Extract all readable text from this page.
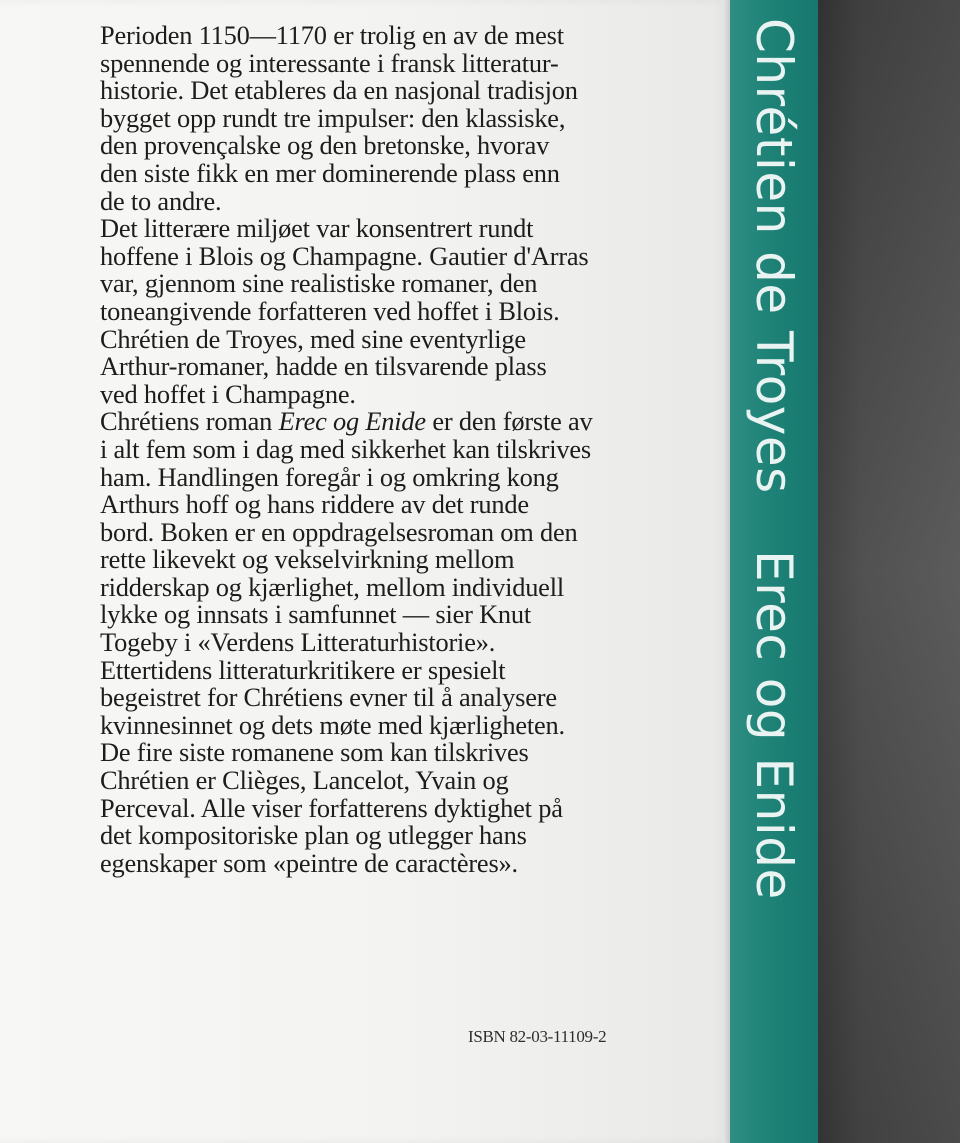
Perioden 1150—1170 er trolig en av de mest
spennende og interessante i fransk litteratur-
historie. Det etableres da en nasjonal tradisjon
bygget opp rundt tre impulser: den klassiske,
den provençalske og den bretonske, hvorav
den siste fikk en mer dominerende plass enn
de to andre.
Det litterære miljøet var konsentrert rundt
hoffene i Blois og Champagne. Gautier d'Arras
var, gjennom sine realistiske romaner, den
toneangivende forfatteren ved hoffet i Blois.
Chrétien de Troyes, med sine eventyrlige
Arthur-romaner, hadde en tilsvarende plass
ved hoffet i Champagne.
Chrétiens roman Erec og Enide er den første av
i alt fem som i dag med sikkerhet kan tilskrives
ham. Handlingen foregår i og omkring kong
Arthurs hoff og hans riddere av det runde
bord. Boken er en oppdragelsesroman om den
rette likevekt og vekselvirkning mellom
ridderskap og kjærlighet, mellom individuell
lykke og innsats i samfunnet — sier Knut
Togeby i «Verdens Litteraturhistorie».
Ettertidens litteraturkritikere er spesielt
begeistret for Chrétiens evner til å analysere
kvinnesinnet og dets møte med kjærligheten.
De fire siste romanene som kan tilskrives
Chrétien er Clièges, Lancelot, Yvain og
Perceval. Alle viser forfatterens dyktighet på
det kompositoriske plan og utlegger hans
egenskaper som «peintre de caractères».
ISBN 82-03-11109-2
Chrétien de Troyes Erec og Enide
